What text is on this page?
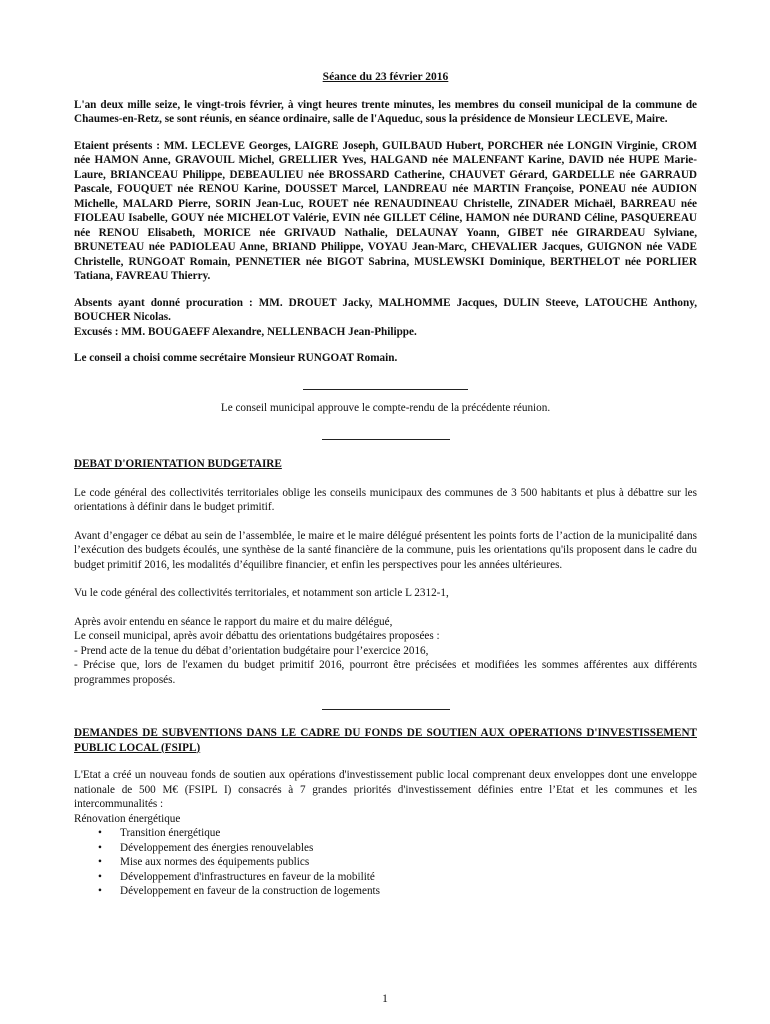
Séance du 23 février 2016

L'an deux mille seize, le vingt-trois février, à vingt heures trente minutes, les membres du conseil municipal de la commune de Chaumes-en-Retz, se sont réunis, en séance ordinaire, salle de l'Aqueduc, sous la présidence de Monsieur LECLEVE, Maire.

Etaient présents : MM. LECLEVE Georges, LAIGRE Joseph, GUILBAUD Hubert, PORCHER née LONGIN Virginie, CROM née HAMON Anne, GRAVOUIL Michel, GRELLIER Yves, HALGAND née MALENFANT Karine, DAVID née HUPE Marie-Laure, BRIANCEAU Philippe, DEBEAULIEU née BROSSARD Catherine, CHAUVET Gérard, GARDELLE née GARRAUD Pascale, FOUQUET née RENOU Karine, DOUSSET Marcel, LANDREAU née MARTIN Françoise, PONEAU née AUDION Michelle, MALARD Pierre, SORIN Jean-Luc, ROUET née RENAUDINEAU Christelle, ZINADER Michaël, BARREAU née FIOLEAU Isabelle, GOUY née MICHELOT Valérie, EVIN née GILLET Céline, HAMON née DURAND Céline, PASQUEREAU née RENOU Elisabeth, MORICE née GRIVAUD Nathalie, DELAUNAY Yoann, GIBET née GIRARDEAU Sylviane, BRUNETEAU née PADIOLEAU Anne, BRIAND Philippe, VOYAU Jean-Marc, CHEVALIER Jacques, GUIGNON née VADE Christelle, RUNGOAT Romain, PENNETIER née BIGOT Sabrina, MUSLEWSKI Dominique, BERTHELOT née PORLIER Tatiana, FAVREAU Thierry.

Absents ayant donné procuration : MM. DROUET Jacky, MALHOMME Jacques, DULIN Steeve, LATOUCHE Anthony, BOUCHER Nicolas.

Excusés : MM. BOUGAEFF Alexandre, NELLENBACH Jean-Philippe.

Le conseil a choisi comme secrétaire Monsieur RUNGOAT Romain.

Le conseil municipal approuve le compte-rendu de la précédente réunion.

DEBAT D'ORIENTATION BUDGETAIRE

Le code général des collectivités territoriales oblige les conseils municipaux des communes de 3 500 habitants et plus à débattre sur les orientations à définir dans le budget primitif.

Avant d’engager ce débat au sein de l’assemblée, le maire et le maire délégué présentent les points forts de l’action de la municipalité dans l’exécution des budgets écoulés, une synthèse de la santé financière de la commune, puis les orientations qu'ils proposent dans le cadre du budget primitif 2016, les modalités d’équilibre financier, et enfin les perspectives pour les années ultérieures.

Vu le code général des collectivités territoriales, et notamment son article L 2312-1,

Après avoir entendu en séance le rapport du maire et du maire délégué,

Le conseil municipal, après avoir débattu des orientations budgétaires proposées :

- Prend acte de la tenue du débat d’orientation budgétaire pour l’exercice 2016,

- Précise que, lors de l'examen du budget primitif 2016, pourront être précisées et modifiées les sommes afférentes aux différents programmes proposés.

DEMANDES DE SUBVENTIONS DANS LE CADRE DU FONDS DE SOUTIEN AUX OPERATIONS D'INVESTISSEMENT PUBLIC LOCAL (FSIPL)

L'Etat a créé un nouveau fonds de soutien aux opérations d'investissement public local comprenant deux enveloppes dont une enveloppe nationale de 500 M€ (FSIPL I) consacrés à 7 grandes priorités d'investissement définies entre l’Etat et les communes et les intercommunalités :

Rénovation énergétique

• Transition énergétique
• Développement des énergies renouvelables
• Mise aux normes des équipements publics
• Développement d'infrastructures en faveur de la mobilité
• Développement en faveur de la construction de logements
1
